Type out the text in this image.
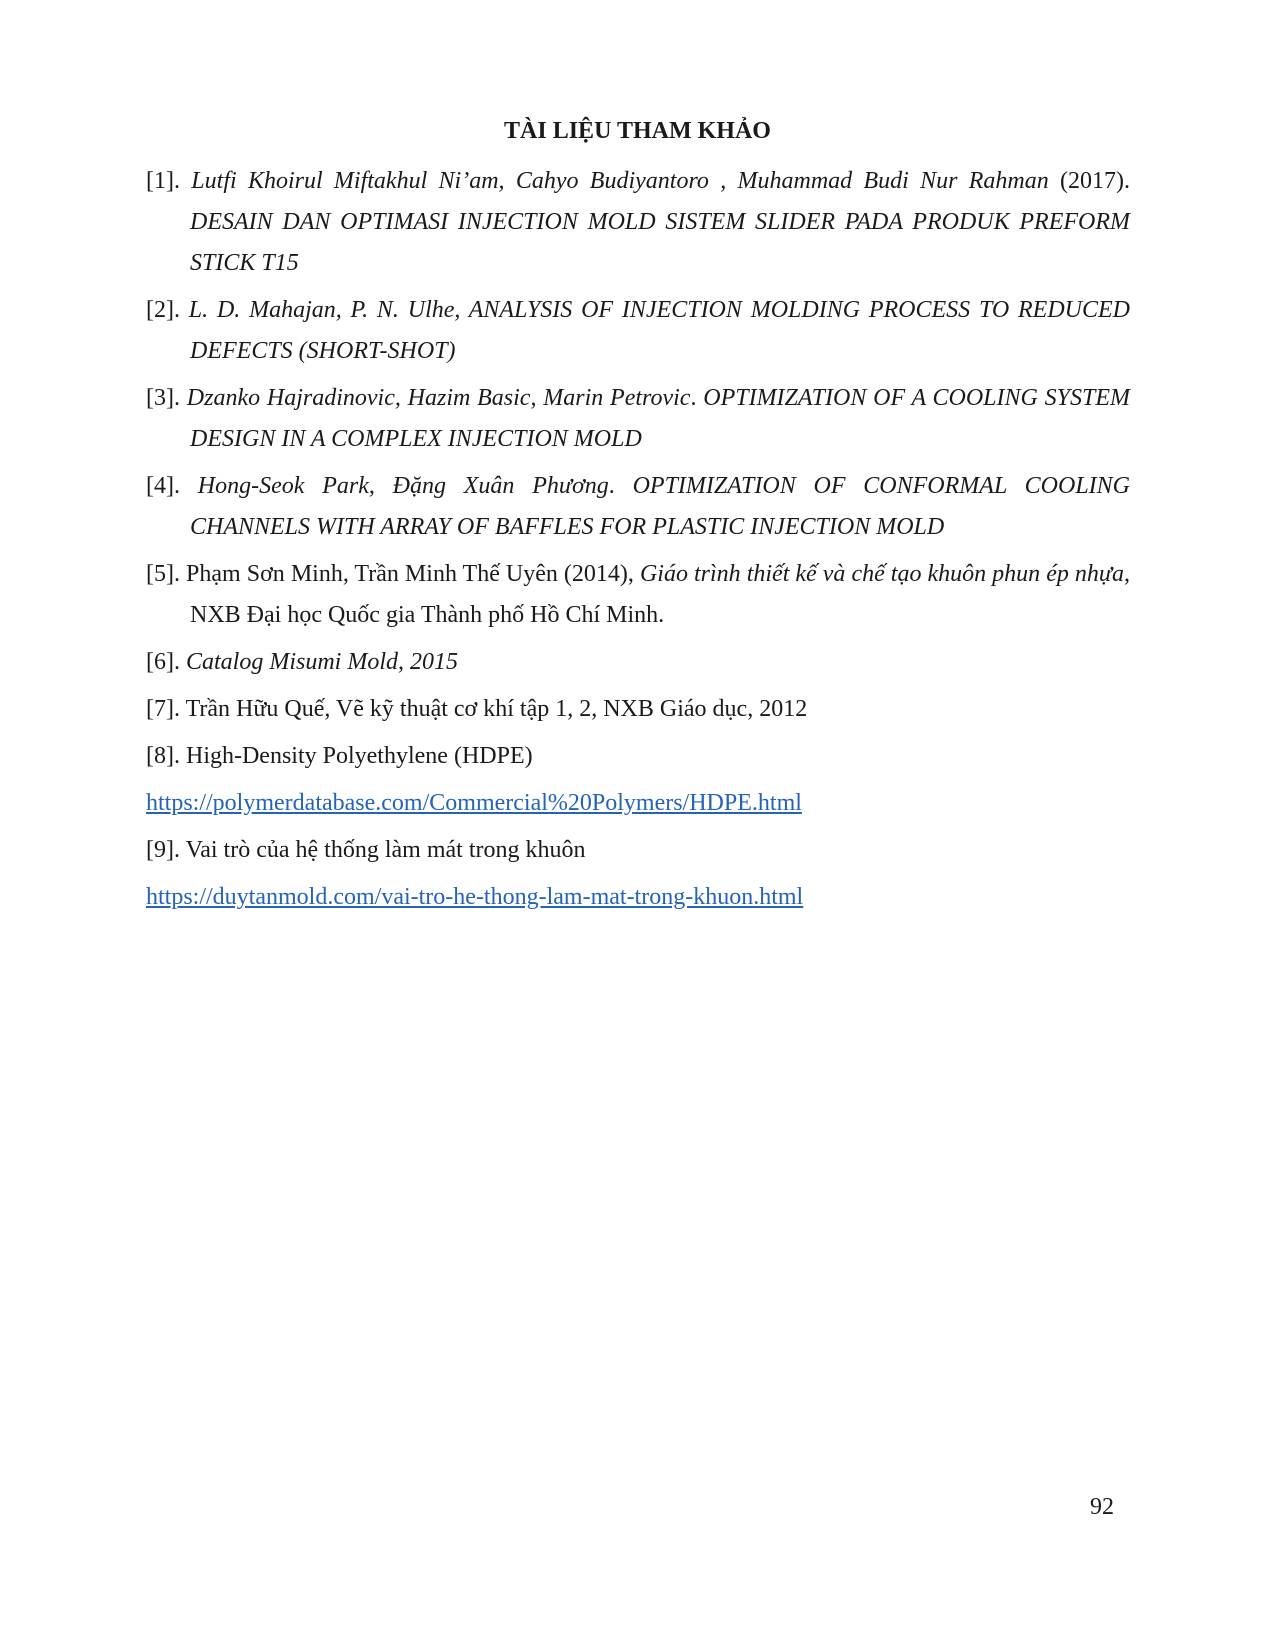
TÀI LIỆU THAM KHẢO

[1]. Lutfi Khoirul Miftakhul Ni’am, Cahyo Budiyantoro , Muhammad Budi Nur Rahman (2017). DESAIN DAN OPTIMASI INJECTION MOLD SISTEM SLIDER PADA PRODUK PREFORM STICK T15

[2]. L. D. Mahajan, P. N. Ulhe, ANALYSIS OF INJECTION MOLDING PROCESS TO REDUCED DEFECTS (SHORT-SHOT)

[3]. Dzanko Hajradinovic, Hazim Basic, Marin Petrovic. OPTIMIZATION OF A COOLING SYSTEM DESIGN IN A COMPLEX INJECTION MOLD

[4]. Hong-Seok Park, Đặng Xuân Phương. OPTIMIZATION OF CONFORMAL COOLING CHANNELS WITH ARRAY OF BAFFLES FOR PLASTIC INJECTION MOLD

[5]. Phạm Sơn Minh, Trần Minh Thế Uyên (2014), Giáo trình thiết kế và chế tạo khuôn phun ép nhựa, NXB Đại học Quốc gia Thành phố Hồ Chí Minh.

[6]. Catalog Misumi Mold, 2015

[7]. Trần Hữu Quế, Vẽ kỹ thuật cơ khí tập 1, 2, NXB Giáo dục, 2012

[8]. High-Density Polyethylene (HDPE)

https://polymerdatabase.com/Commercial%20Polymers/HDPE.html

[9]. Vai trò của hệ thống làm mát trong khuôn

https://duytanmold.com/vai-tro-he-thong-lam-mat-trong-khuon.html
92
